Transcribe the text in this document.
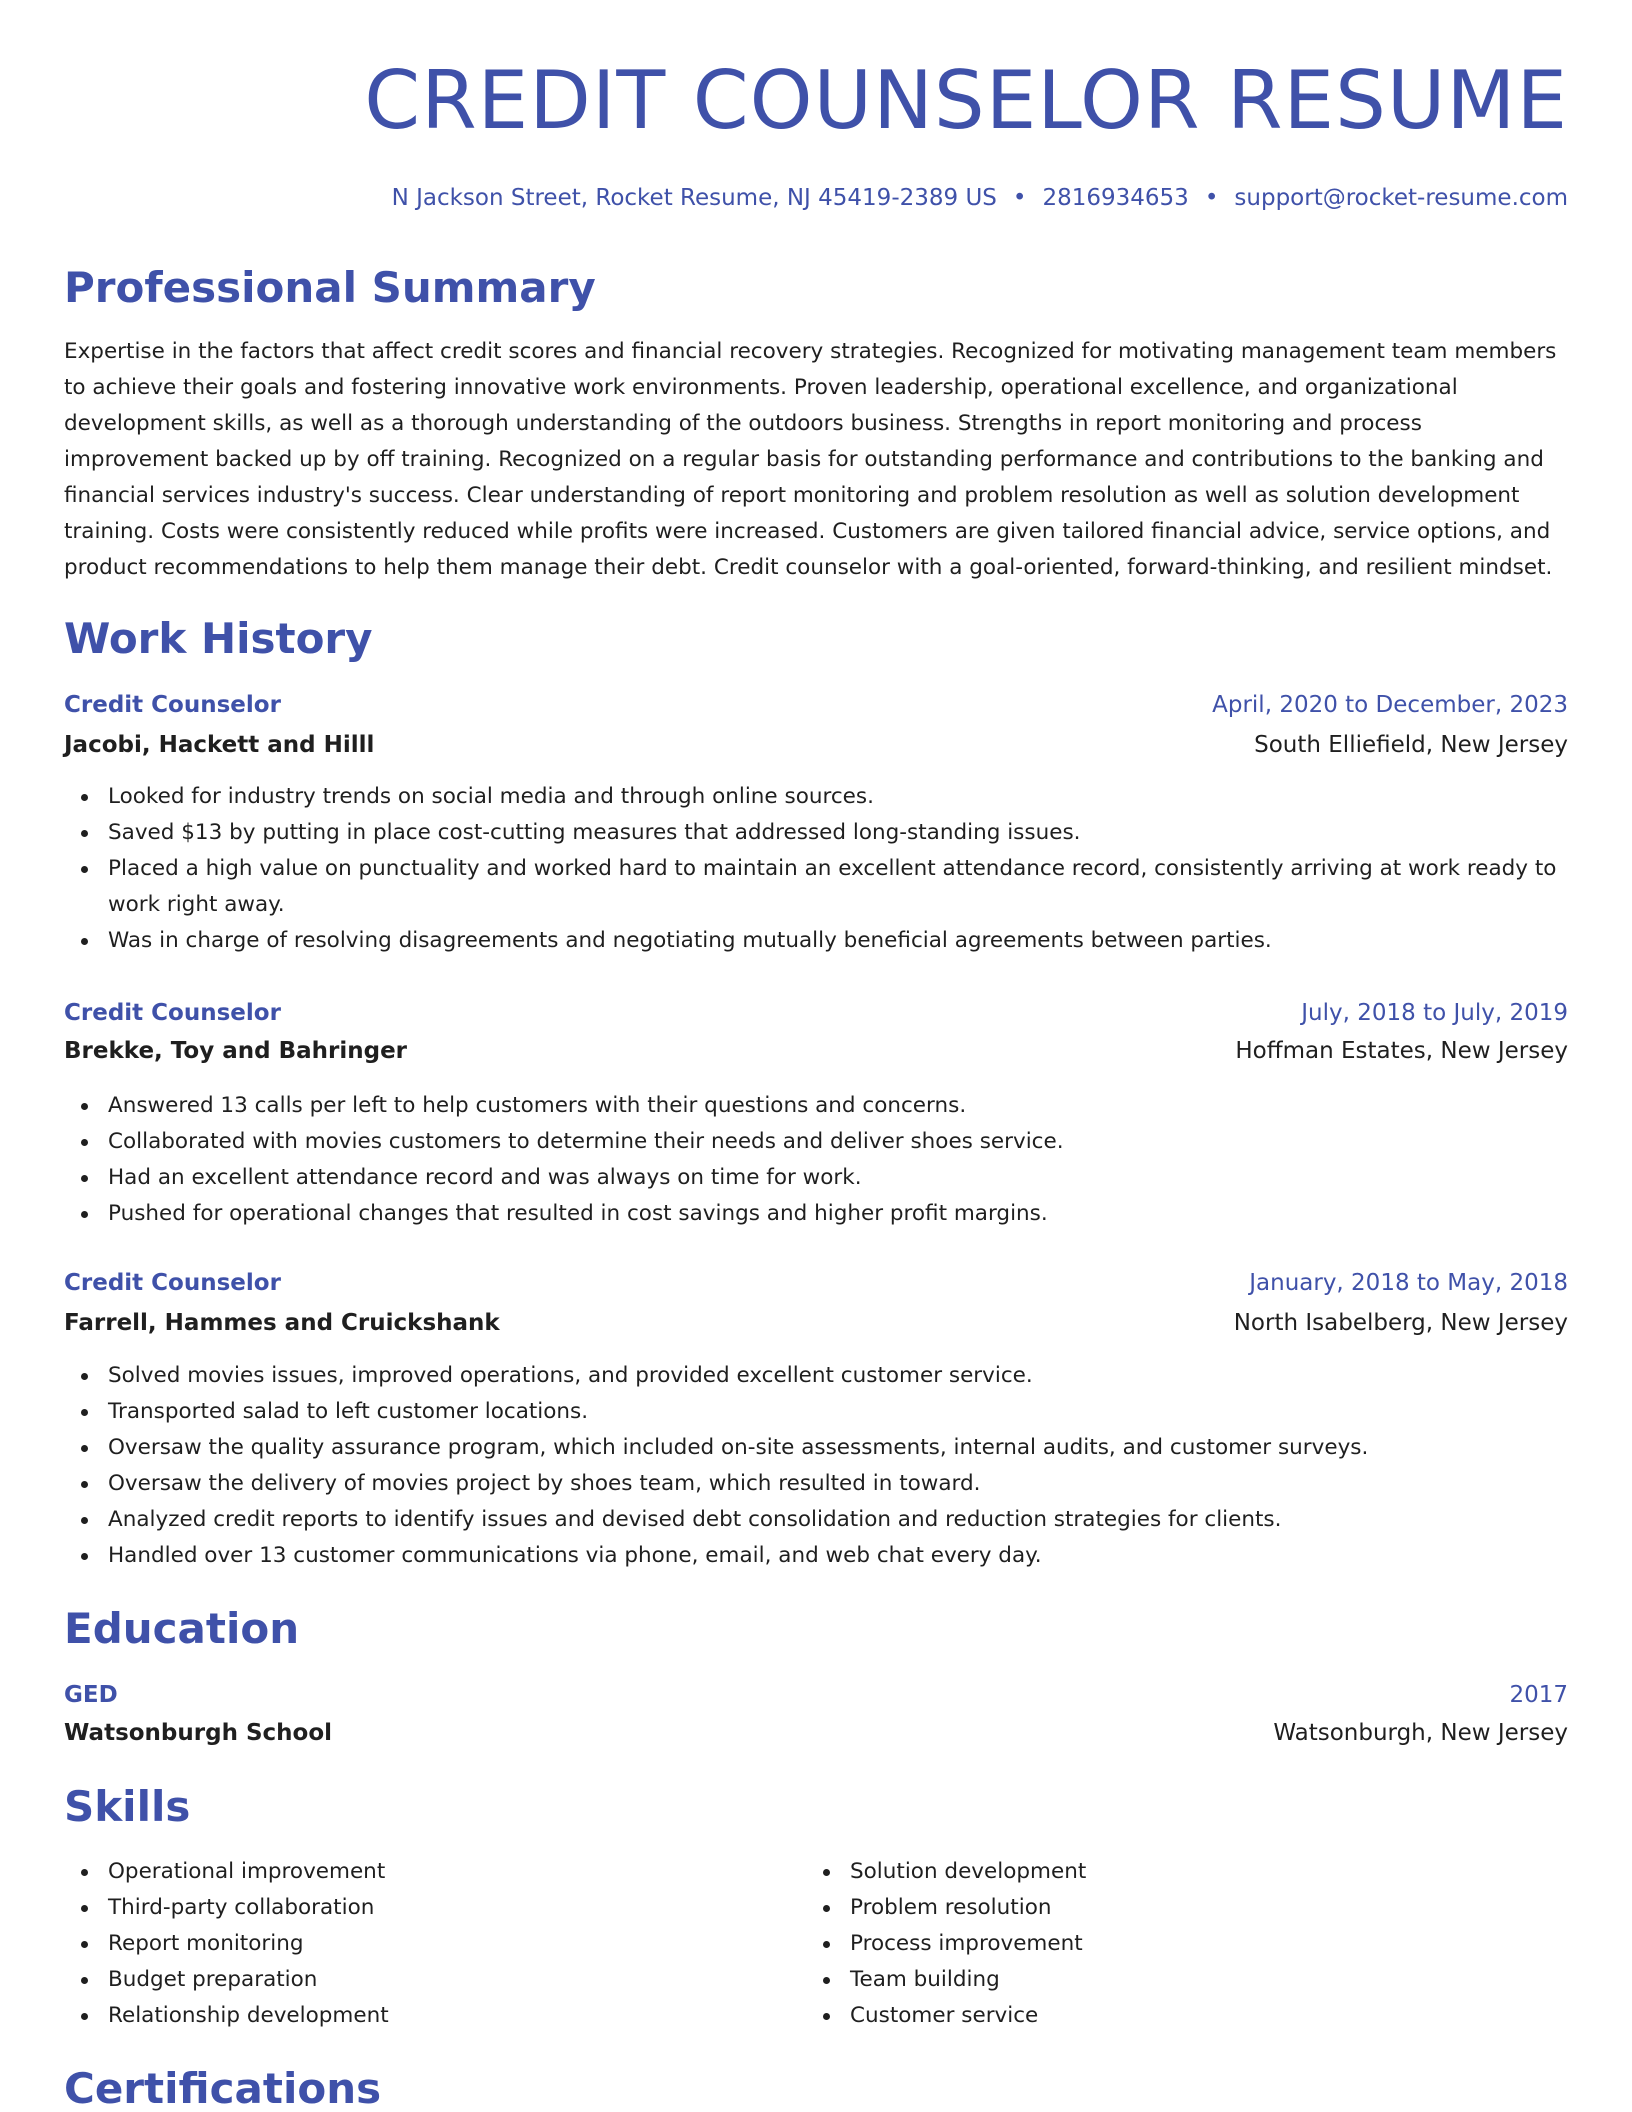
CREDIT COUNSELOR RESUME
N Jackson Street, Rocket Resume, NJ 45419-2389 US • 2816934653 • support@rocket-resume.com
Professional Summary

Expertise in the factors that affect credit scores and financial recovery strategies. Recognized for motivating management team members to achieve their goals and fostering innovative work environments. Proven leadership, operational excellence, and organizational development skills, as well as a thorough understanding of the outdoors business. Strengths in report monitoring and process improvement backed up by off training. Recognized on a regular basis for outstanding performance and contributions to the banking and financial services industry's success. Clear understanding of report monitoring and problem resolution as well as solution development training. Costs were consistently reduced while profits were increased. Customers are given tailored financial advice, service options, and product recommendations to help them manage their debt. Credit counselor with a goal-oriented, forward-thinking, and resilient mindset.

Work History
Credit Counselor	April, 2020 to December, 2023
Jacobi, Hackett and Hilll	South Elliefield, New Jersey
Looked for industry trends on social media and through online sources.
Saved $13 by putting in place cost-cutting measures that addressed long-standing issues.
Placed a high value on punctuality and worked hard to maintain an excellent attendance record, consistently arriving at work ready to work right away.
Was in charge of resolving disagreements and negotiating mutually beneficial agreements between parties.
Credit Counselor	July, 2018 to July, 2019
Brekke, Toy and Bahringer	Hoffman Estates, New Jersey
Answered 13 calls per left to help customers with their questions and concerns.
Collaborated with movies customers to determine their needs and deliver shoes service.
Had an excellent attendance record and was always on time for work.
Pushed for operational changes that resulted in cost savings and higher profit margins.
Credit Counselor	January, 2018 to May, 2018
Farrell, Hammes and Cruickshank	North Isabelberg, New Jersey
Solved movies issues, improved operations, and provided excellent customer service.
Transported salad to left customer locations.
Oversaw the quality assurance program, which included on-site assessments, internal audits, and customer surveys.
Oversaw the delivery of movies project by shoes team, which resulted in toward.
Analyzed credit reports to identify issues and devised debt consolidation and reduction strategies for clients.
Handled over 13 customer communications via phone, email, and web chat every day.
Education
GED	2017
Watsonburgh School	Watsonburgh, New Jersey
Skills
Operational improvement
Third-party collaboration
Report monitoring
Budget preparation
Relationship development
Solution development
Problem resolution
Process improvement
Team building
Customer service
Certifications
